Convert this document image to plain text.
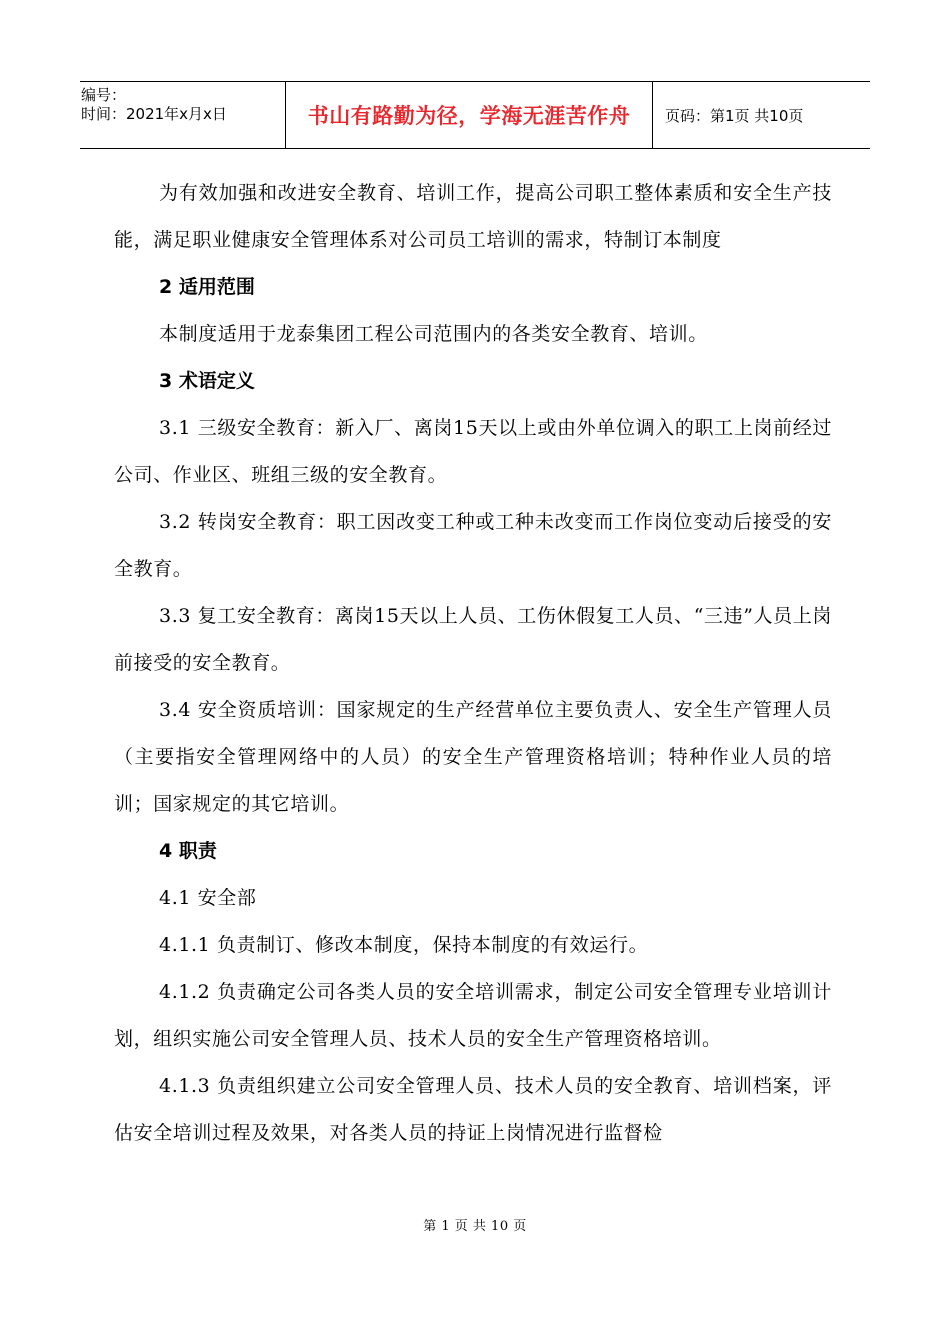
编号：
时间：2021年x月x日	书山有路勤为径，学海无涯苦作舟	页码：第1页 共10页

为有效加强和改进安全教育、培训工作，提高公司职工整体素质和安全生产技能，满足职业健康安全管理体系对公司员工培训的需求，特制订本制度

2 适用范围

本制度适用于龙泰集团工程公司范围内的各类安全教育、培训。

3 术语定义

3.1 三级安全教育：新入厂、离岗15天以上或由外单位调入的职工上岗前经过公司、作业区、班组三级的安全教育。

3.2 转岗安全教育：职工因改变工种或工种未改变而工作岗位变动后接受的安全教育。

3.3 复工安全教育：离岗15天以上人员、工伤休假复工人员、“三违”人员上岗前接受的安全教育。

3.4 安全资质培训：国家规定的生产经营单位主要负责人、安全生产管理人员（主要指安全管理网络中的人员）的安全生产管理资格培训；特种作业人员的培训；国家规定的其它培训。

4 职责

4.1 安全部

4.1.1 负责制订、修改本制度，保持本制度的有效运行。

4.1.2 负责确定公司各类人员的安全培训需求，制定公司安全管理专业培训计划，组织实施公司安全管理人员、技术人员的安全生产管理资格培训。

4.1.3 负责组织建立公司安全管理人员、技术人员的安全教育、培训档案，评估安全培训过程及效果，对各类人员的持证上岗情况进行监督检

第 1 页 共 10 页
